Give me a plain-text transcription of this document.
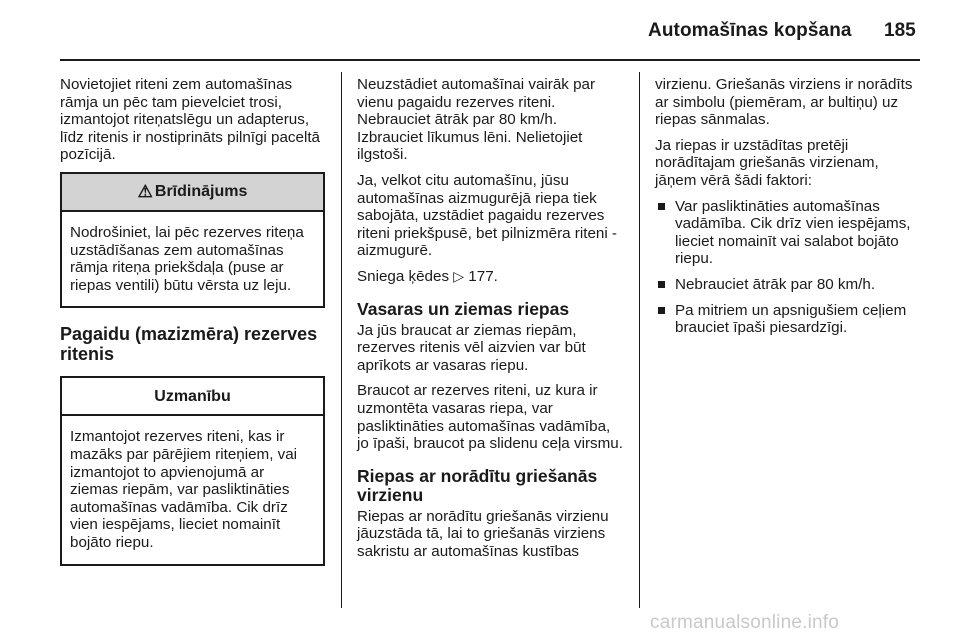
Automašīnas kopšana 185

Novietojiet riteni zem automašīnas rāmja un pēc tam pievelciet trosi, izmantojot riteņatslēgu un adapterus, līdz ritenis ir nostiprināts pilnīgi paceltā pozīcijā.

⚠ Brīdinājums
Nodrošiniet, lai pēc rezerves riteņa uzstādīšanas zem automašīnas rāmja riteņa priekšdaļa (puse ar riepas ventili) būtu vērsta uz leju.
Pagaidu (mazizmēra) rezerves ritenis
Uzmanību
Izmantojot rezerves riteni, kas ir mazāks par pārējiem riteņiem, vai izmantojot to apvienojumā ar ziemas riepām, var pasliktināties automašīnas vadāmība. Cik drīz vien iespējams, lieciet nomainīt bojāto riepu.

Neuzstādiet automašīnai vairāk par vienu pagaidu rezerves riteni. Nebrauciet ātrāk par 80 km/h. Izbrauciet līkumus lēni. Nelietojiet ilgstoši.

Ja, velkot citu automašīnu, jūsu automašīnas aizmugurējā riepa tiek sabojāta, uzstādiet pagaidu rezerves riteni priekšpusē, bet pilnizmēra riteni - aizmugurē.

Sniega ķēdes ▷ 177.

Vasaras un ziemas riepas

Ja jūs braucat ar ziemas riepām, rezerves ritenis vēl aizvien var būt aprīkots ar vasaras riepu.

Braucot ar rezerves riteni, uz kura ir uzmontēta vasaras riepa, var pasliktināties automašīnas vadāmība, jo īpaši, braucot pa slidenu ceļa virsmu.

Riepas ar norādītu griešanās virzienu

Riepas ar norādītu griešanās virzienu jāuzstāda tā, lai to griešanās virziens sakristu ar automašīnas kustības

virzienu. Griešanās virziens ir norādīts ar simbolu (piemēram, ar bultiņu) uz riepas sānmalas.

Ja riepas ir uzstādītas pretēji norādītajam griešanās virzienam, jāņem vērā šādi faktori:

Var pasliktināties automašīnas vadāmība. Cik drīz vien iespējams, lieciet nomainīt vai salabot bojāto riepu.
Nebrauciet ātrāk par 80 km/h.
Pa mitriem un apsnigušiem ceļiem brauciet īpaši piesardzīgi.
carmanualsonline.info
